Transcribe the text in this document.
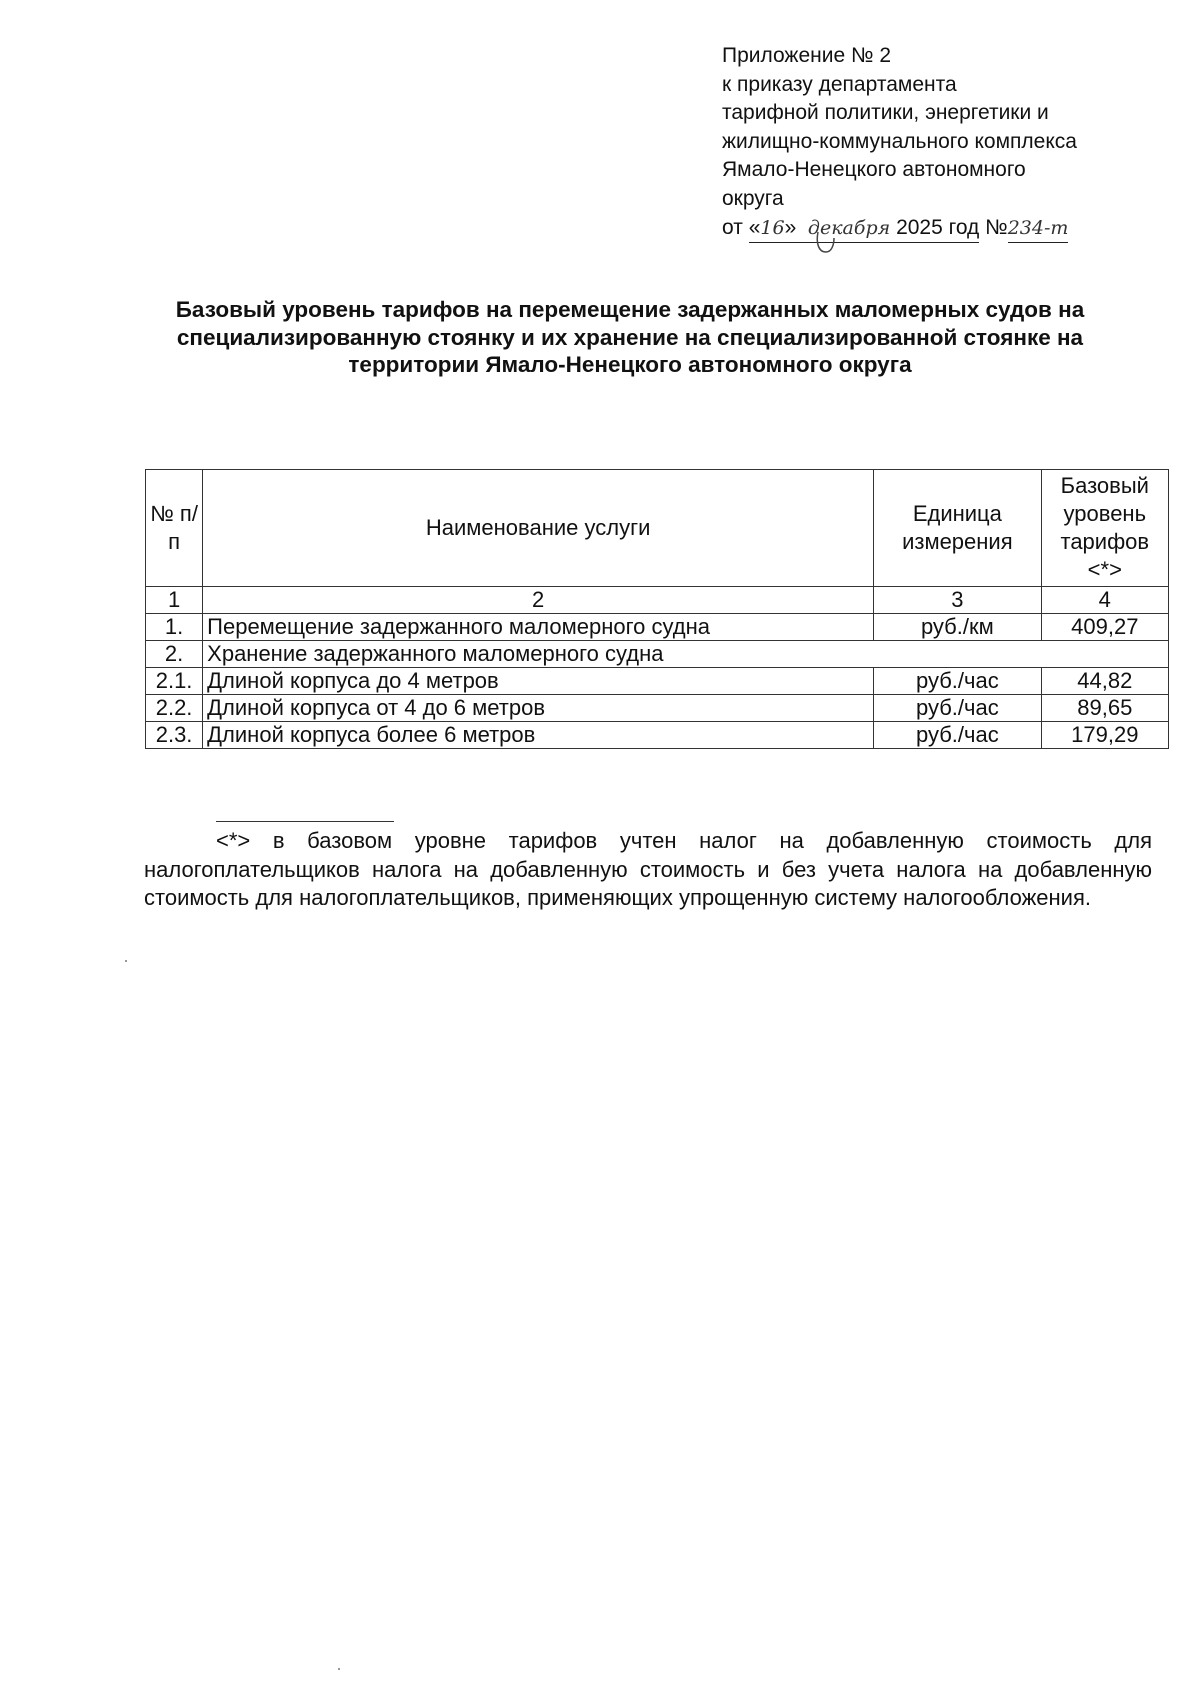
Приложение № 2
к приказу департамента
тарифной политики, энергетики и
жилищно-коммунального комплекса
Ямало-Ненецкого автономного
округа
от «16» декабря 2025 год №234-т
Базовый уровень тарифов на перемещение задержанных маломерных судов на специализированную стоянку и их хранение на специализированной стоянке на территории Ямало-Ненецкого автономного округа
№ п/п	Наименование услуги	Единица измерения	Базовый уровень тарифов <*>
1	2	3	4
1.	Перемещение задержанного маломерного судна	руб./км	409,27
2.	Хранение задержанного маломерного судна		
2.1.	Длиной корпуса до 4 метров	руб./час	44,82
2.2.	Длиной корпуса от 4 до 6 метров	руб./час	89,65
2.3.	Длиной корпуса более 6 метров	руб./час	179,29
<*> в базовом уровне тарифов учтен налог на добавленную стоимость для налогоплательщиков налога на добавленную стоимость и без учета налога на добавленную стоимость для налогоплательщиков, применяющих упрощенную систему налогообложения.
